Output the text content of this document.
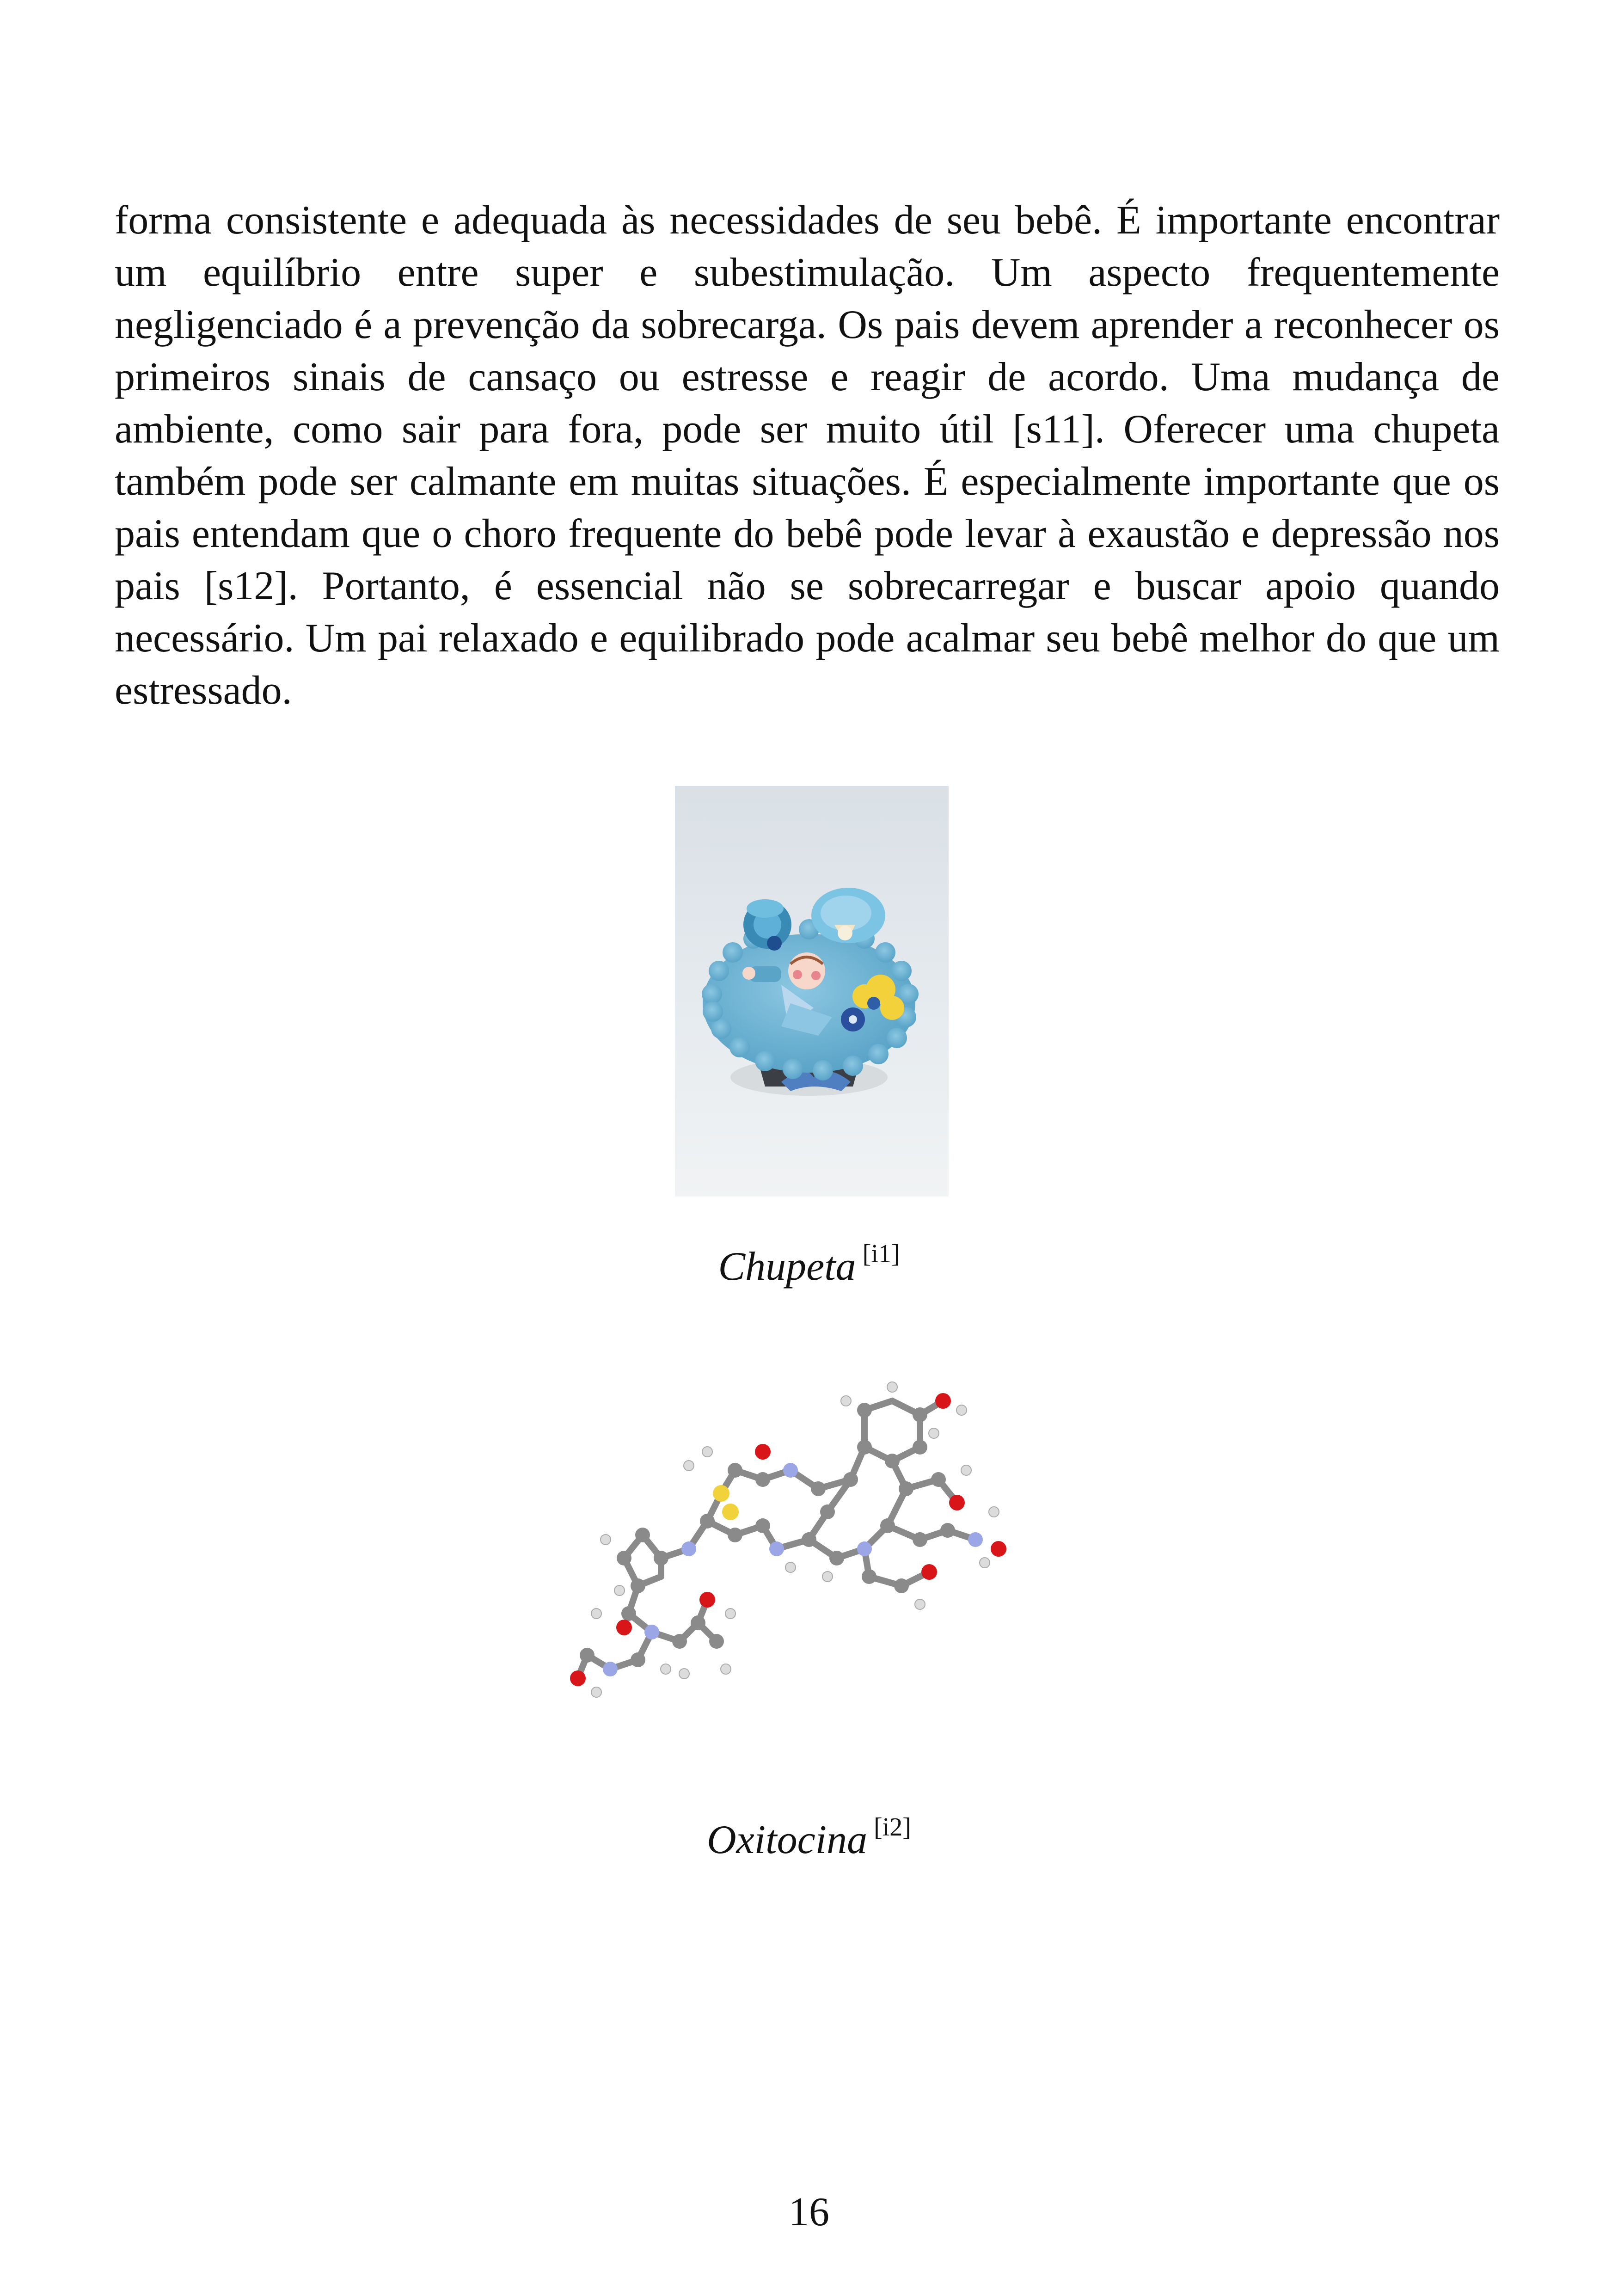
forma consistente e adequada às necessidades de seu bebê. É importante encontrar um equilíbrio entre super e subestimulação. Um aspecto frequentemente negligenciado é a prevenção da sobrecarga. Os pais devem aprender a reconhecer os primeiros sinais de cansaço ou estresse e reagir de acordo. Uma mudança de ambiente, como sair para fora, pode ser muito útil [s11]. Oferecer uma chupeta também pode ser calmante em muitas situações. É especialmente importante que os pais entendam que o choro frequente do bebê pode levar à exaustão e depressão nos pais [s12]. Portanto, é essencial não se sobrecarregar e buscar apoio quando necessário. Um pai relaxado e equilibrado pode acalmar seu bebê melhor do que um estressado.

Chupeta [i1]
Oxitocina [i2]
16
